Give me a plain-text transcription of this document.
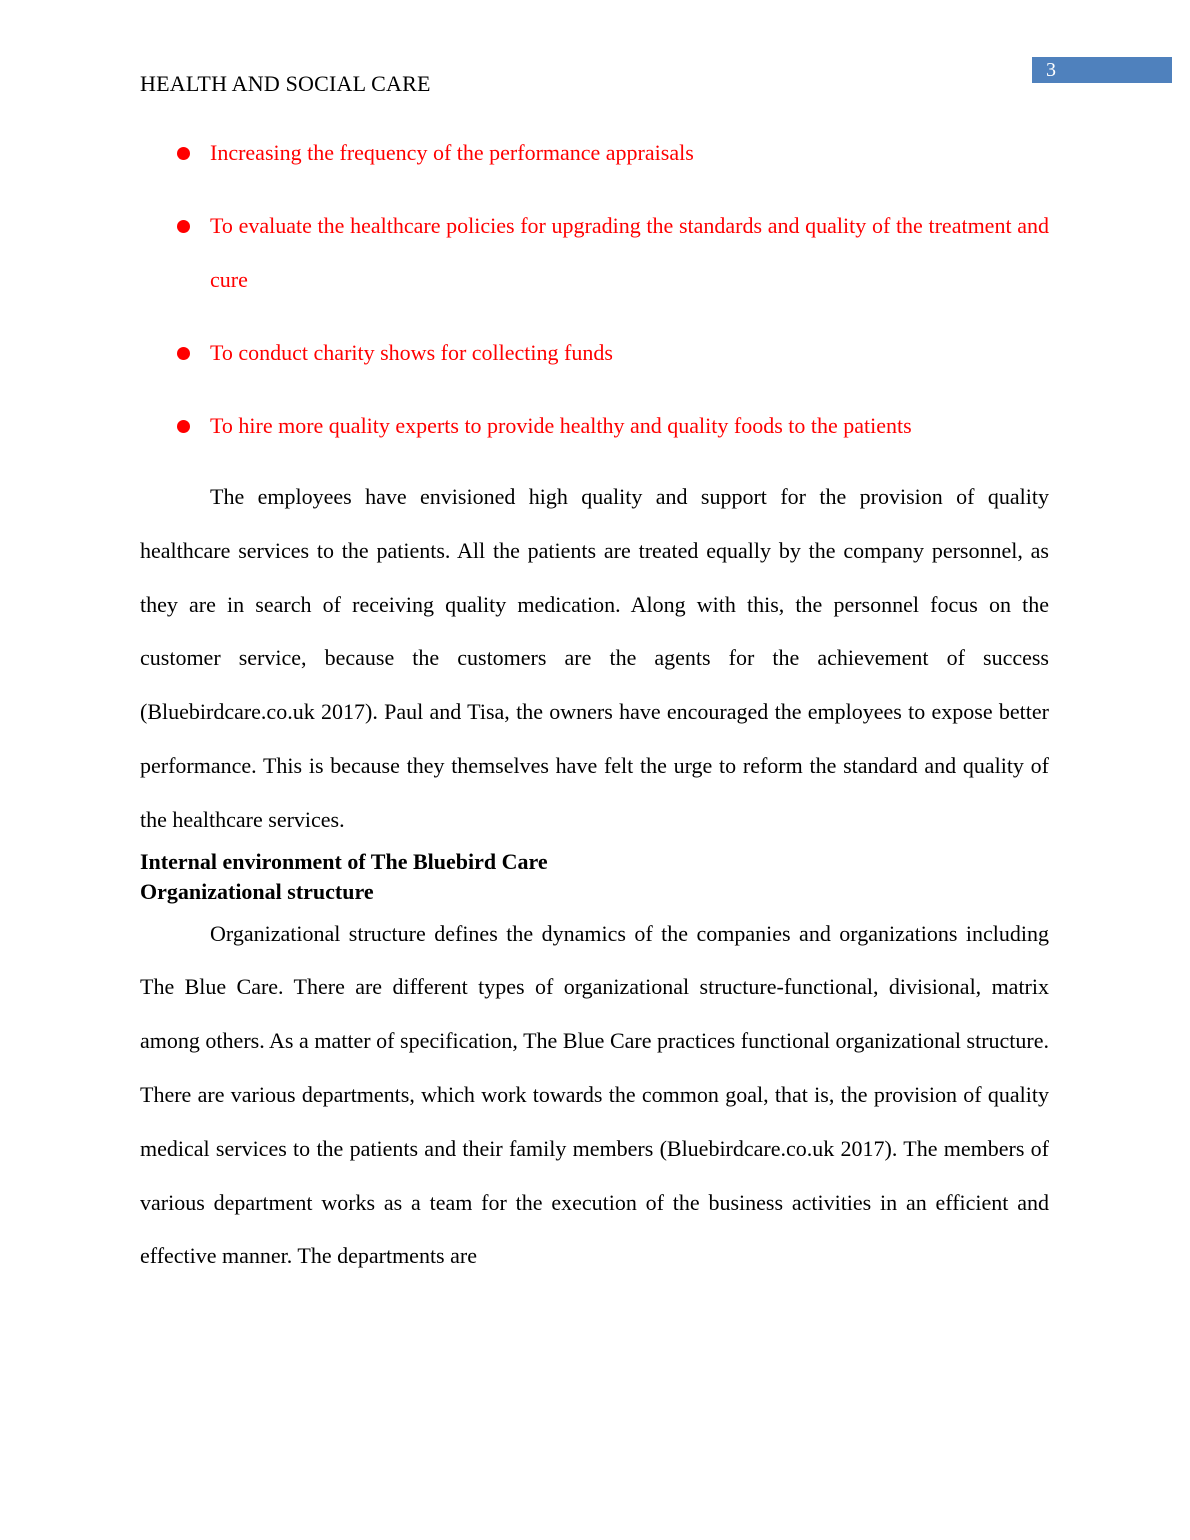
3
HEALTH AND SOCIAL CARE
Increasing the frequency of the performance appraisals
To evaluate the healthcare policies for upgrading the standards and quality of the treatment and cure
To conduct charity shows for collecting funds
To hire more quality experts to provide healthy and quality foods to the patients

The employees have envisioned high quality and support for the provision of quality healthcare services to the patients. All the patients are treated equally by the company personnel, as they are in search of receiving quality medication. Along with this, the personnel focus on the customer service, because the customers are the agents for the achievement of success (Bluebirdcare.co.uk 2017). Paul and Tisa, the owners have encouraged the employees to expose better performance. This is because they themselves have felt the urge to reform the standard and quality of the healthcare services.

Internal environment of The Bluebird Care
Organizational structure

Organizational structure defines the dynamics of the companies and organizations including The Blue Care. There are different types of organizational structure-functional, divisional, matrix among others. As a matter of specification, The Blue Care practices functional organizational structure. There are various departments, which work towards the common goal, that is, the provision of quality medical services to the patients and their family members (Bluebirdcare.co.uk 2017). The members of various department works as a team for the execution of the business activities in an efficient and effective manner. The departments are
